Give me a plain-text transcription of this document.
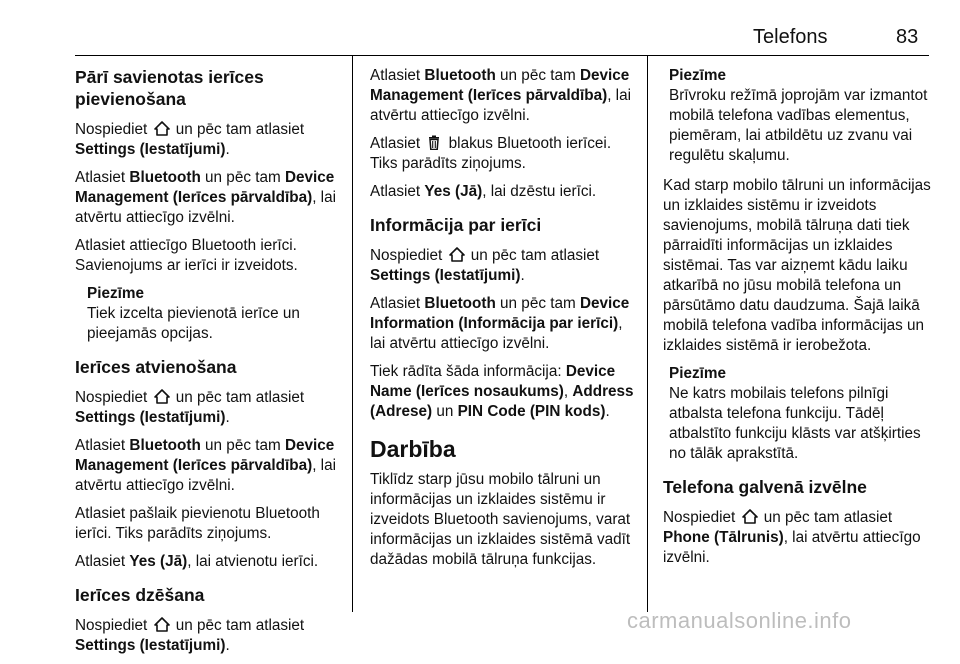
Telefons	83
Pārī savienotas ierīces pievienošana

Nospiediet un pēc tam atlasiet Settings (Iestatījumi).

Atlasiet Bluetooth un pēc tam Device Management (Ierīces pārvaldība), lai atvērtu attiecīgo izvēlni.

Atlasiet attiecīgo Bluetooth ierīci. Savienojums ar ierīci ir izveidots.

Piezīme
Tiek izcelta pievienotā ierīce un pieejamās opcijas.
Ierīces atvienošana

Nospiediet un pēc tam atlasiet Settings (Iestatījumi).

Atlasiet Bluetooth un pēc tam Device Management (Ierīces pārvaldība), lai atvērtu attiecīgo izvēlni.

Atlasiet pašlaik pievienotu Bluetooth ierīci. Tiks parādīts ziņojums.

Atlasiet Yes (Jā), lai atvienotu ierīci.

Ierīces dzēšana

Nospiediet un pēc tam atlasiet Settings (Iestatījumi).

Atlasiet Bluetooth un pēc tam Device Management (Ierīces pārvaldība), lai atvērtu attiecīgo izvēlni.

Atlasiet blakus Bluetooth ierīcei. Tiks parādīts ziņojums.

Atlasiet Yes (Jā), lai dzēstu ierīci.

Informācija par ierīci

Nospiediet un pēc tam atlasiet Settings (Iestatījumi).

Atlasiet Bluetooth un pēc tam Device Information (Informācija par ierīci), lai atvērtu attiecīgo izvēlni.

Tiek rādīta šāda informācija: Device Name (Ierīces nosaukums), Address (Adrese) un PIN Code (PIN kods).

Darbība

Tiklīdz starp jūsu mobilo tālruni un informācijas un izklaides sistēmu ir izveidots Bluetooth savienojums, varat informācijas un izklaides sistēmā vadīt dažādas mobilā tālruņa funkcijas.

Piezīme
Brīvroku režīmā joprojām var izmantot mobilā telefona vadības elementus, piemēram, lai atbildētu uz zvanu vai regulētu skaļumu.

Kad starp mobilo tālruni un informācijas un izklaides sistēmu ir izveidots savienojums, mobilā tālruņa dati tiek pārraidīti informācijas un izklaides sistēmai. Tas var aizņemt kādu laiku atkarībā no jūsu mobilā telefona un pārsūtāmo datu daudzuma. Šajā laikā mobilā telefona vadība informācijas un izklaides sistēmā ir ierobežota.

Piezīme
Ne katrs mobilais telefons pilnīgi atbalsta telefona funkciju. Tādēļ atbalstīto funkciju klāsts var atšķirties no tālāk aprakstītā.
Telefona galvenā izvēlne

Nospiediet un pēc tam atlasiet Phone (Tālrunis), lai atvērtu attiecīgo izvēlni.

carmanualsonline.info
